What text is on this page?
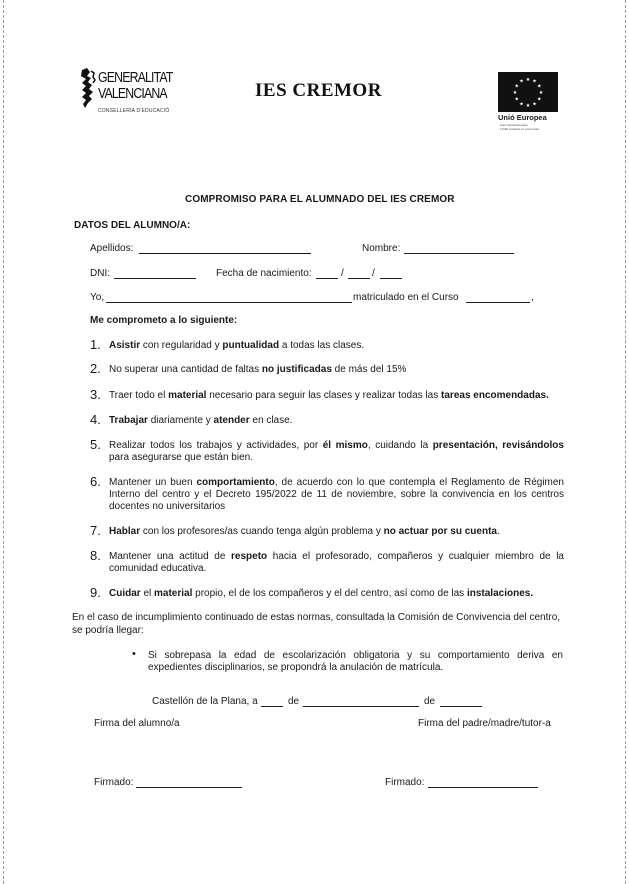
GENERALITAT
VALENCIANA
CONSELLERIA D'EDUCACIÓ
IES CREMOR	★ ★
★
★
★
★
★
★
★
★
★
★
Unió Europea
Fons Social Europeu
L'FSE inverteix en el teu futur
COMPROMISO PARA EL ALUMNADO DEL IES CREMOR
DATOS DEL ALUMNO/A:
Apellidos:	Nombre:
DNI:	Fecha de nacimiento:	/	/
Yo,	matriculado en el Curso	,
Me comprometo a lo siguiente:
1. Asistir con regularidad y puntualidad a todas las clases.
2. No superar una cantidad de faltas no justificadas de más del 15%
3. Traer todo el material necesario para seguir las clases y realizar todas las tareas encomendadas.
4. Trabajar diariamente y atender en clase.
5. Realizar todos los trabajos y actividades, por él mismo, cuidando la presentación, revisándolos para asegurarse que están bien.
6. Mantener un buen comportamiento, de acuerdo con lo que contempla el Reglamento de Régimen Interno del centro y el Decreto 195/2022 de 11 de noviembre, sobre la convivencia en los centros docentes no universitarios
7. Hablar con los profesores/as cuando tenga algún problema y no actuar por su cuenta.
8. Mantener una actitud de respeto hacia el profesorado, compañeros y cualquier miembro de la comunidad educativa.
9. Cuidar el material propio, el de los compañeros y el del centro, así como de las instalaciones.
En el caso de incumplimiento continuado de estas normas, consultada la Comisión de Convivencia del centro, se podría llegar:
• Si sobrepasa la edad de escolarización obligatoria y su comportamiento deriva en expedientes disciplinarios, se propondrá la anulación de matrícula.
Castellón de la Plana, a	de	de
Firma del alumno/a	Firma del padre/madre/tutor-a
Firmado:	Firmado:
